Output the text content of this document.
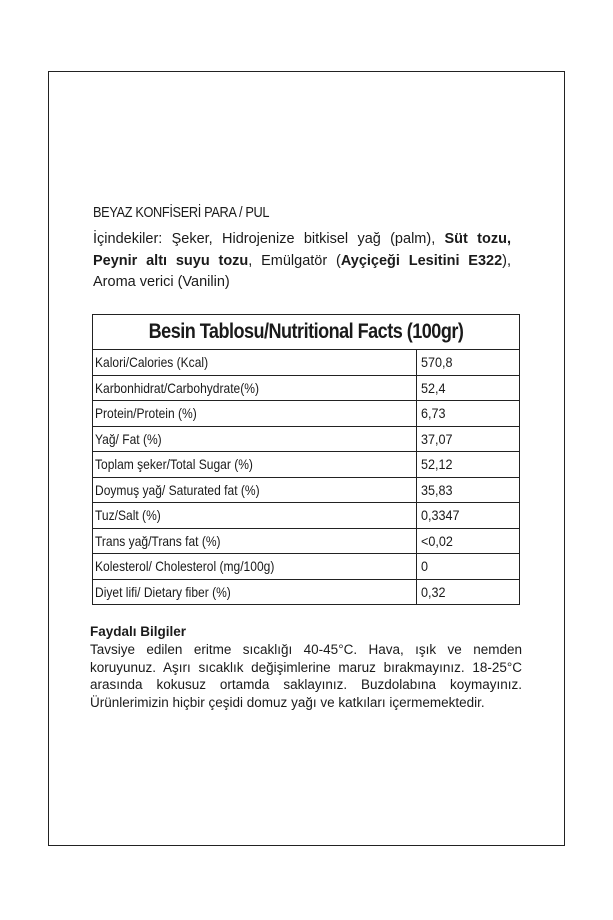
BEYAZ KONFİSERİ PARA / PUL
İçindekiler: Şeker, Hidrojenize bitkisel yağ (palm), Süt tozu, Peynir altı suyu tozu, Emülgatör (Ayçiçeği Lesitini E322), Aroma verici (Vanilin)
Besin Tablosu/Nutritional Facts (100gr)
Kalori/Calories (Kcal)	570,8
Karbonhidrat/Carbohydrate(%)	52,4
Protein/Protein (%)	6,73
Yağ/ Fat (%)	37,07
Toplam şeker/Total Sugar (%)	52,12
Doymuş yağ/ Saturated fat (%)	35,83
Tuz/Salt (%)	0,3347
Trans yağ/Trans fat (%)	<0,02
Kolesterol/ Cholesterol (mg/100g)	0
Diyet lifi/ Dietary fiber (%)	0,32
Faydalı Bilgiler
Tavsiye edilen eritme sıcaklığı 40-45°C. Hava, ışık ve nemden koruyunuz. Aşırı sıcaklık değişimlerine maruz bırakmayınız. 18-25°C arasında kokusuz ortamda saklayınız. Buzdolabına koymayınız. Ürünlerimizin hiçbir çeşidi domuz yağı ve katkıları içermemektedir.
